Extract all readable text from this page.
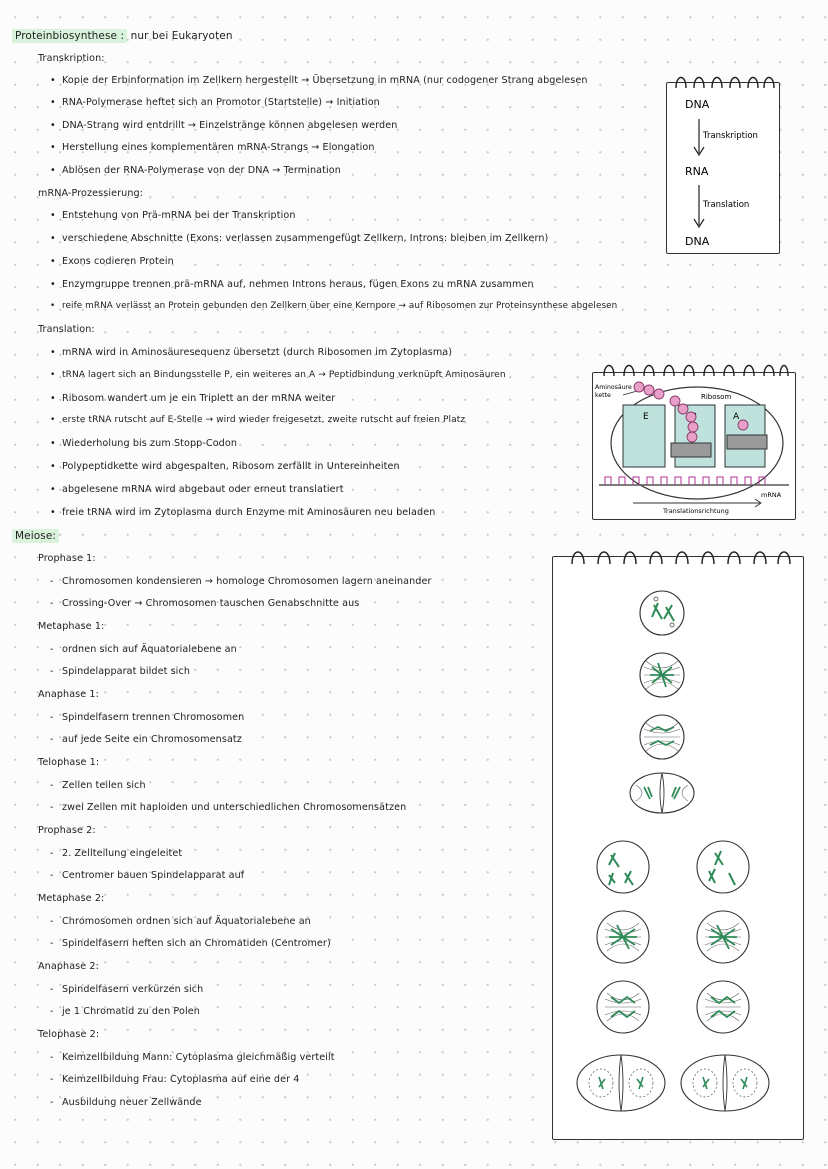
Proteinbiosynthese : nur bei Eukaryoten
Transkription:
• Kopie der Erbinformation im Zellkern hergestellt → Übersetzung in mRNA (nur codogener Strang abgelesen
• RNA-Polymerase heftet sich an Promotor (Startstelle) → Initiation
• DNA-Strang wird entdrillt → Einzelstränge können abgelesen werden
• Herstellung eines komplementären mRNA-Strangs → Elongation
• Ablösen der RNA-Polymerase von der DNA → Termination
mRNA-Prozessierung:
• Entstehung von Prä-mRNA bei der Transkription
• verschiedene Abschnitte (Exons: verlassen zusammengefügt Zellkern, Introns: bleiben im Zellkern)
• Exons codieren Protein
• Enzymgruppe trennen prä-mRNA auf, nehmen Introns heraus, fügen Exons zu mRNA zusammen
• reife mRNA verlässt an Protein gebunden den Zellkern über eine Kernpore → auf Ribosomen zur Proteinsynthese abgelesen
Translation:
• mRNA wird in Aminosäuresequenz übersetzt (durch Ribosomen im Zytoplasma)
• tRNA lagert sich an Bindungsstelle P, ein weiteres an A → Peptidbindung verknüpft Aminosäuren
• Ribosom wandert um je ein Triplett an der mRNA weiter
• erste tRNA rutscht auf E-Stelle → wird wieder freigesetzt, zweite rutscht auf freien Platz
• Wiederholung bis zum Stopp-Codon
• Polypeptidkette wird abgespalten, Ribosom zerfällt in Untereinheiten
• abgelesene mRNA wird abgebaut oder erneut translatiert
• freie tRNA wird im Zytoplasma durch Enzyme mit Aminosäuren neu beladen
Meiose:
Prophase 1:
- Chromosomen kondensieren → homologe Chromosomen lagern aneinander
- Crossing-Over → Chromosomen tauschen Genabschnitte aus
Metaphase 1:
- ordnen sich auf Äquatorialebene an
- Spindelapparat bildet sich
Anaphase 1:
- Spindelfasern trennen Chromosomen
- auf jede Seite ein Chromosomensatz
Telophase 1:
- Zellen teilen sich
- zwei Zellen mit haploiden und unterschiedlichen Chromosomensätzen
Prophase 2:
- 2. Zellteilung eingeleitet
- Centromer bauen Spindelapparat auf
Metaphase 2:
- Chromosomen ordnen sich auf Äquatorialebene an
- Spindelfasern heften sich an Chromatiden (Centromer)
Anaphase 2:
- Spindelfasern verkürzen sich
- je 1 Chromatid zu den Polen
Telophase 2:
- Keimzellbildung Mann: Cytoplasma gleichmäßig verteilt
- Keimzellbildung Frau: Cytoplasma auf eine der 4
- Ausbildung neuer Zellwände
DNA
Transkription
RNA
Translation
DNA
Aminosäure
kette
E	A
Ribosom
mRNA
Translationsrichtung
